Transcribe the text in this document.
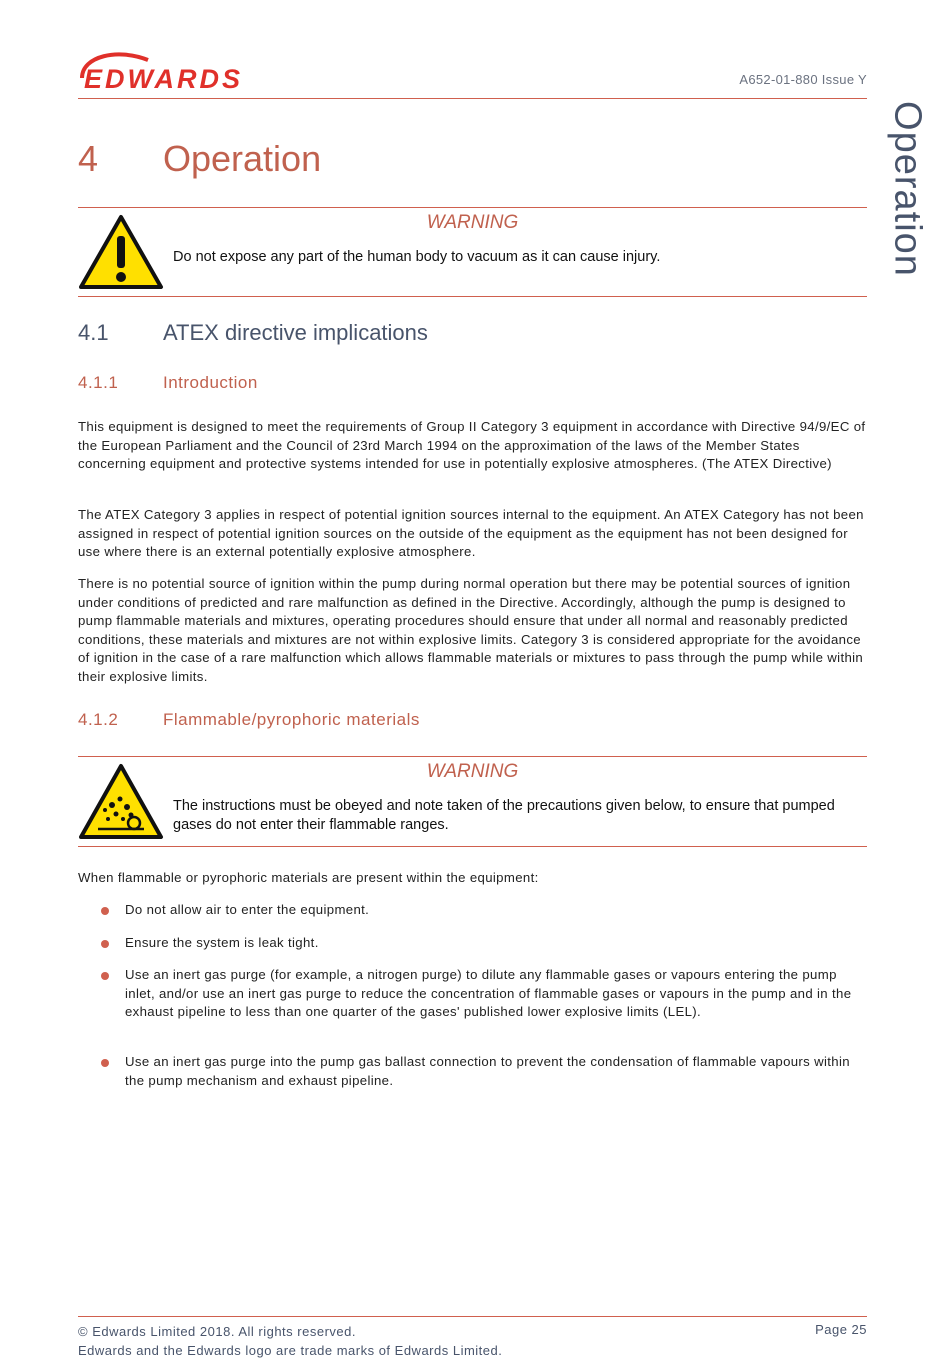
EDWARDS	A652-01-880 Issue Y
Operation
4 Operation
WARNING
Do not expose any part of the human body to vacuum as it can cause injury.
4.1 ATEX directive implications
4.1.1	Introduction
This equipment is designed to meet the requirements of Group II Category 3 equipment in accordance with Directive 94/9/EC of the European Parliament and the Council of 23rd March 1994 on the approximation of the laws of the Member States concerning equipment and protective systems intended for use in potentially explosive atmospheres. (The ATEX Directive)
The ATEX Category 3 applies in respect of potential ignition sources internal to the equipment. An ATEX Category has not been assigned in respect of potential ignition sources on the outside of the equipment as the equipment has not been designed for use where there is an external potentially explosive atmosphere.
There is no potential source of ignition within the pump during normal operation but there may be potential sources of ignition under conditions of predicted and rare malfunction as defined in the Directive. Accordingly, although the pump is designed to pump flammable materials and mixtures, operating procedures should ensure that under all normal and reasonably predicted conditions, these materials and mixtures are not within explosive limits. Category 3 is considered appropriate for the avoidance of ignition in the case of a rare malfunction which allows flammable materials or mixtures to pass through the pump while within their explosive limits.
4.1.2	Flammable/pyrophoric materials
WARNING
The instructions must be obeyed and note taken of the precautions given below, to ensure that pumped gases do not enter their flammable ranges.
When flammable or pyrophoric materials are present within the equipment:
Do not allow air to enter the equipment.
Ensure the system is leak tight.
Use an inert gas purge (for example, a nitrogen purge) to dilute any flammable gases or vapours entering the pump inlet, and/or use an inert gas purge to reduce the concentration of flammable gases or vapours in the pump and in the exhaust pipeline to less than one quarter of the gases' published lower explosive limits (LEL).
Use an inert gas purge into the pump gas ballast connection to prevent the condensation of flammable vapours within the pump mechanism and exhaust pipeline.
© Edwards Limited 2018. All rights reserved.
Edwards and the Edwards logo are trade marks of Edwards Limited.
Page 25
